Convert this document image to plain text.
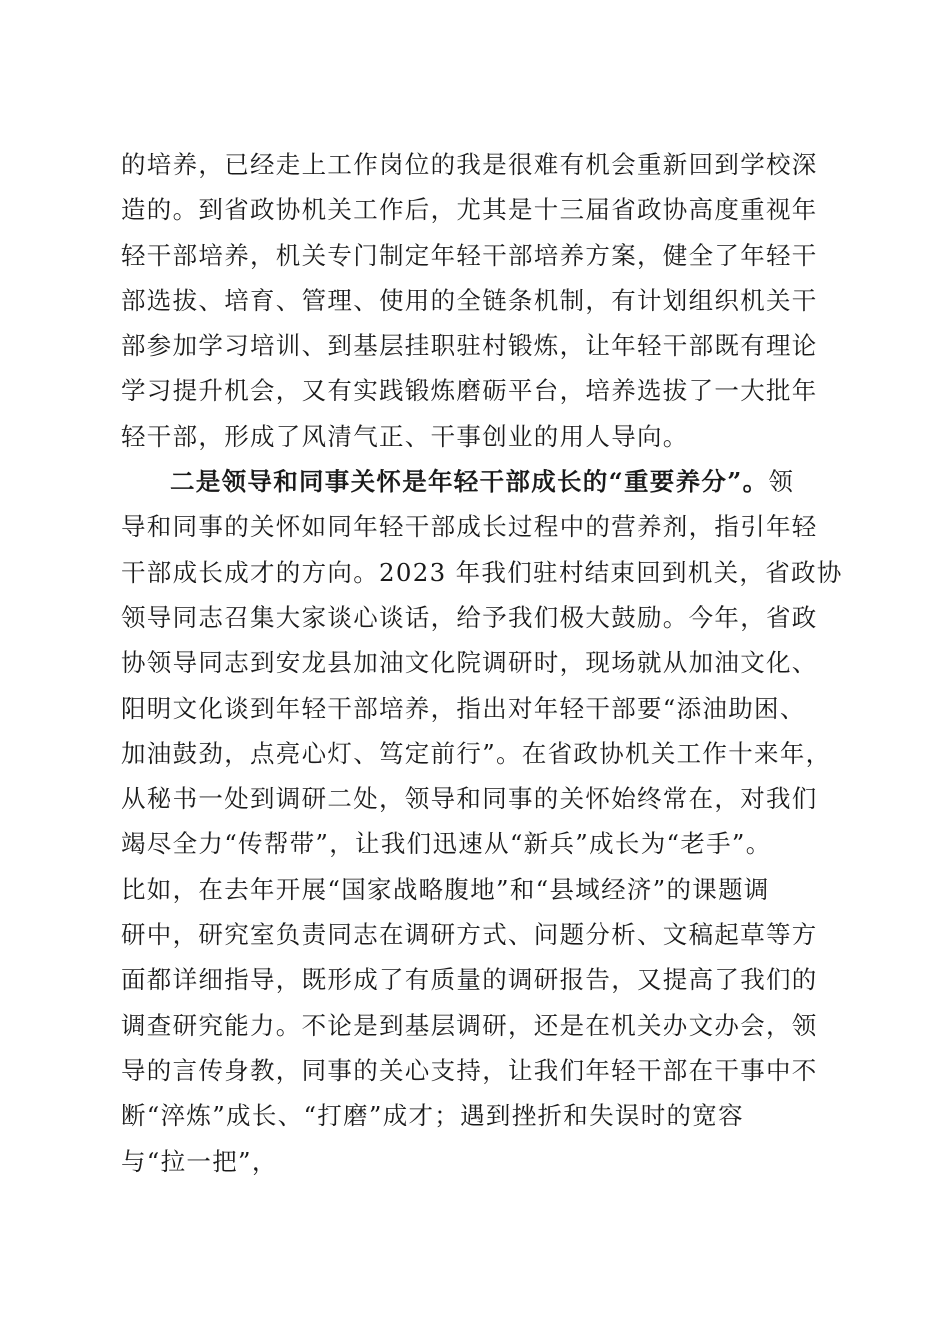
的培养，已经走上工作岗位的我是很难有机会重新回到学校深
造的。到省政协机关工作后，尤其是十三届省政协高度重视年
轻干部培养，机关专门制定年轻干部培养方案，健全了年轻干
部选拔、培育、管理、使用的全链条机制，有计划组织机关干
部参加学习培训、到基层挂职驻村锻炼，让年轻干部既有理论
学习提升机会，又有实践锻炼磨砺平台，培养选拔了一大批年
轻干部，形成了风清气正、干事创业的用人导向。
二是领导和同事关怀是年轻干部成长的“重要养分”。领
导和同事的关怀如同年轻干部成长过程中的营养剂，指引年轻
干部成长成才的方向。2023 年我们驻村结束回到机关，省政协
领导同志召集大家谈心谈话，给予我们极大鼓励。今年，省政
协领导同志到安龙县加油文化院调研时，现场就从加油文化、
阳明文化谈到年轻干部培养，指出对年轻干部要“添油助困、
加油鼓劲，点亮心灯、笃定前行”。在省政协机关工作十来年，
从秘书一处到调研二处，领导和同事的关怀始终常在，对我们
竭尽全力“传帮带”，让我们迅速从“新兵”成长为“老手”。
比如，在去年开展“国家战略腹地”和“县域经济”的课题调
研中，研究室负责同志在调研方式、问题分析、文稿起草等方
面都详细指导，既形成了有质量的调研报告，又提高了我们的
调查研究能力。不论是到基层调研，还是在机关办文办会，领
导的言传身教，同事的关心支持，让我们年轻干部在干事中不
断“淬炼”成长、“打磨”成才；遇到挫折和失误时的宽容
与“拉一把”，
